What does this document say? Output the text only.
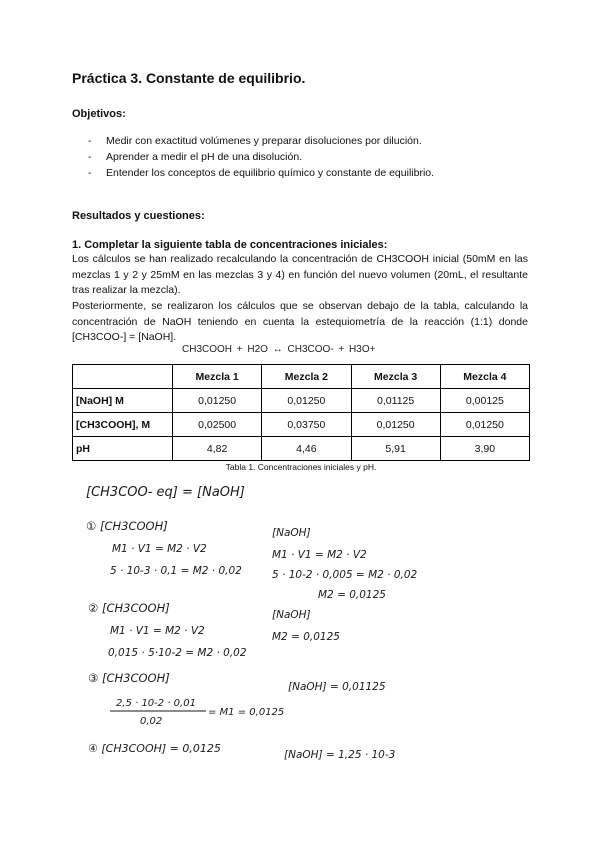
Práctica 3. Constante de equilibrio.
Objetivos:
- Medir con exactitud volúmenes y preparar disoluciones por dilución.
- Aprender a medir el pH de una disolución.
- Entender los conceptos de equilibrio químico y constante de equilibrio.
Resultados y cuestiones:
1. Completar la siguiente tabla de concentraciones iniciales:
Los cálculos se han realizado recalculando la concentración de CH3COOH inicial (50mM en las mezclas 1 y 2 y 25mM en las mezclas 3 y 4) en función del nuevo volumen (20mL, el resultante tras realizar la mezcla).
Posteriormente, se realizaron los cálculos que se observan debajo de la tabla, calculando la concentración de NaOH teniendo en cuenta la estequiometría de la reacción (1:1) donde [CH3COO-] = [NaOH].
CH3COOH + H2O ↔ CH3COO- + H3O+
	Mezcla 1	Mezcla 2	Mezcla 3	Mezcla 4
[NaOH] M	0,01250	0,01250	0,01125	0,00125
[CH3COOH], M	0,02500	0,03750	0,01250	0,01250
pH	4,82	4,46	5,91	3,90
Tabla 1. Concentraciones iniciales y pH.
[CH3COO- eq] = [NaOH]
① [CH3COOH]
M1 · V1 = M2 · V2
5 · 10-3 · 0,1 = M2 · 0,02
[NaOH]
M1 · V1 = M2 · V2
5 · 10-2 · 0,005 = M2 · 0,02
M2 = 0,0125
② [CH3COOH]
M1 · V1 = M2 · V2
0,015 · 5·10-2 = M2 · 0,02
[NaOH]
M2 = 0,0125
③ [CH3COOH]
2,5 · 10-2 · 0,01
0,02
= M1 = 0,0125
[NaOH] = 0,01125
④ [CH3COOH] = 0,0125	[NaOH] = 1,25 · 10-3
